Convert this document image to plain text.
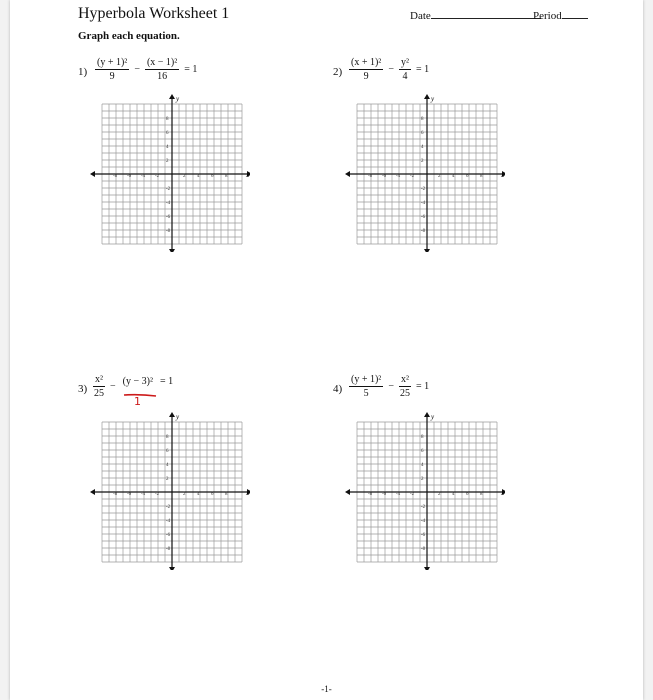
Hyperbola Worksheet 1	Date	Period
Graph each equation.
$1) \frac{\text{(y + 1)²}}{9} - \frac{\text{(x − 1)²}}{16} = 1$	$2) \frac{\text{(x + 1)²}}{9} - \frac{\text{y²}}{4} = 1$
$3) \frac{\text{x²}}{25} - (y - 3)^2 = 1$
1
$4) \frac{\text{(y + 1)²}}{5} - \frac{\text{x²}}{25} = 1$
x
y
-8 -6 -4 -2	2 4 6 8
8
6
4
2
-2
-4
-6
-8
x
y
-8 -6 -4 -2	2 4 6 8
8
6
4
2
-2
-4
-6
-8
x
y
-8 -6 -4 -2	2 4 6 8
8
6
4
2
-2
-4
-6
-8
x
y
-8 -6 -4 -2	2 4 6 8
8
6
4
2
-2
-4
-6
-8
-1-
